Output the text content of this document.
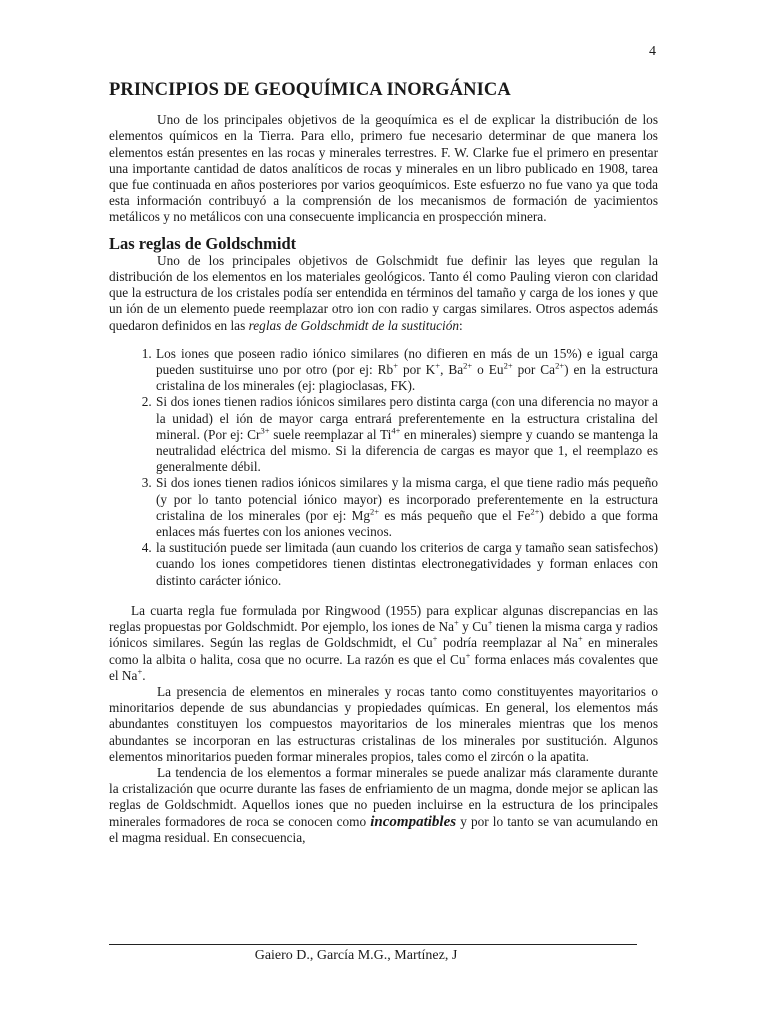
4
PRINCIPIOS DE GEOQUÍMICA INORGÁNICA

Uno de los principales objetivos de la geoquímica es el de explicar la distribución de los elementos químicos en la Tierra. Para ello, primero fue necesario determinar de que manera los elementos están presentes en las rocas y minerales terrestres. F. W. Clarke fue el primero en presentar una importante cantidad de datos analíticos de rocas y minerales en un libro publicado en 1908, tarea que fue continuada en años posteriores por varios geoquímicos. Este esfuerzo no fue vano ya que toda esta información contribuyó a la comprensión de los mecanismos de formación de yacimientos metálicos y no metálicos con una consecuente implicancia en prospección minera.

Las reglas de Goldschmidt

Uno de los principales objetivos de Golschmidt fue definir las leyes que regulan la distribución de los elementos en los materiales geológicos. Tanto él como Pauling vieron con claridad que la estructura de los cristales podía ser entendida en términos del tamaño y carga de los iones y que un ión de un elemento puede reemplazar otro ion con radio y cargas similares. Otros aspectos además quedaron definidos en las reglas de Goldschmidt de la sustitución:

1. Los iones que poseen radio iónico similares (no difieren en más de un 15%) e igual carga pueden sustituirse uno por otro (por ej: Rb+ por K+, $Ba^{2+}$ o $Eu^{2+}$ por $Ca^{2+}$) en la estructura cristalina de los minerales (ej: plagioclasas, FK).
2. Si dos iones tienen radios iónicos similares pero distinta carga (con una diferencia no mayor a la unidad) el ión de mayor carga entrará preferentemente en la estructura cristalina del mineral. (Por ej: $Cr^{3+}$ suele reemplazar al $Ti^{4+}$ en minerales) siempre y cuando se mantenga la neutralidad eléctrica del mismo. Si la diferencia de cargas es mayor que 1, el reemplazo es generalmente débil.
3. Si dos iones tienen radios iónicos similares y la misma carga, el que tiene radio más pequeño (y por lo tanto potencial iónico mayor) es incorporado preferentemente en la estructura cristalina de los minerales (por ej: $Mg^{2+}$ es más pequeño que el $Fe^{2+}$) debido a que forma enlaces más fuertes con los aniones vecinos.
4. la sustitución puede ser limitada (aun cuando los criterios de carga y tamaño sean satisfechos) cuando los iones competidores tienen distintas electronegatividades y forman enlaces con distinto carácter iónico.

La cuarta regla fue formulada por Ringwood (1955) para explicar algunas discrepancias en las reglas propuestas por Goldschmidt. Por ejemplo, los iones de Na+ y Cu+ tienen la misma carga y radios iónicos similares. Según las reglas de Goldschmidt, el Cu+ podría reemplazar al Na+ en minerales como la albita o halita, cosa que no ocurre. La razón es que el Cu+ forma enlaces más covalentes que el Na+.

La presencia de elementos en minerales y rocas tanto como constituyentes mayoritarios o minoritarios depende de sus abundancias y propiedades químicas. En general, los elementos más abundantes constituyen los compuestos mayoritarios de los minerales mientras que los menos abundantes se incorporan en las estructuras cristalinas de los minerales por sustitución. Algunos elementos minoritarios pueden formar minerales propios, tales como el zircón o la apatita.

La tendencia de los elementos a formar minerales se puede analizar más claramente durante la cristalización que ocurre durante las fases de enfriamiento de un magma, donde mejor se aplican las reglas de Goldschmidt. Aquellos iones que no pueden incluirse en la estructura de los principales minerales formadores de roca se conocen como incompatibles y por lo tanto se van acumulando en el magma residual. En consecuencia,

Gaiero D., García M.G., Martínez, J
